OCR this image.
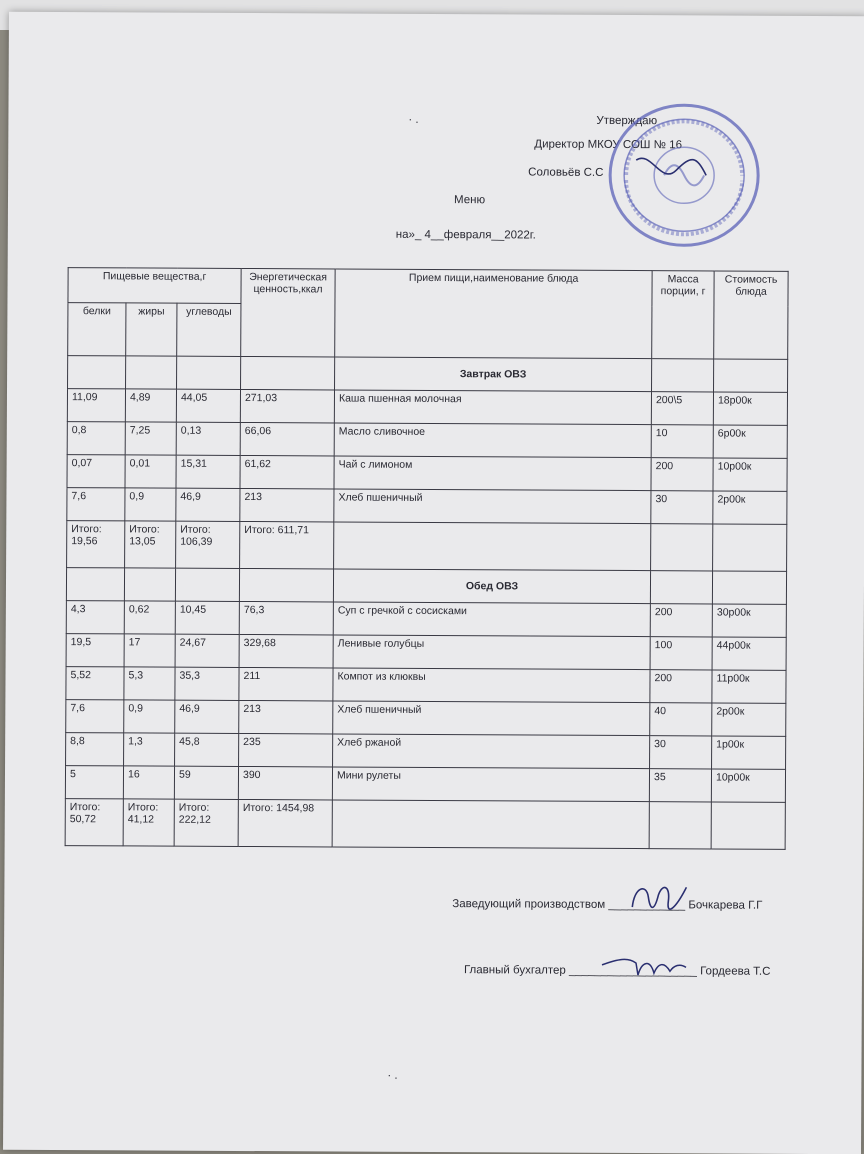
· .	Утверждаю
Директор МКОУ СОШ № 16
Соловьёв С.С
Меню
на»_ 4__февраля__2022г.
Пищевые вещества,г			Энергетическая ценность,ккал	Прием пищи,наименование блюда	Масса порции, г	Стоимость блюда
белки	жиры	углеводы				
				Завтрак ОВЗ		
11,09	4,89	44,05	271,03	Каша пшенная молочная	200\5	18р00к
0,8	7,25	0,13	66,06	Масло сливочное	10	6р00к
0,07	0,01	15,31	61,62	Чай с лимоном	200	10р00к
7,6	0,9	46,9	213	Хлеб пшеничный	30	2р00к
Итого: 19,56	Итого: 13,05	Итого: 106,39	Итого: 611,71			
				Обед ОВЗ		
4,3	0,62	10,45	76,3	Суп с гречкой с сосисками	200	30р00к
19,5	17	24,67	329,68	Ленивые голубцы	100	44р00к
5,52	5,3	35,3	211	Компот из клюквы	200	11р00к
7,6	0,9	46,9	213	Хлеб пшеничный	40	2р00к
8,8	1,3	45,8	235	Хлеб ржаной	30	1р00к
5	16	59	390	Мини рулеты	35	10р00к
Итого: 50,72	Итого: 41,12	Итого: 222,12	Итого: 1454,98			
Заведующий производством ____________ Бочкарева Г.Г
Главный бухгалтер ____________________ Гордеева Т.С
· .
